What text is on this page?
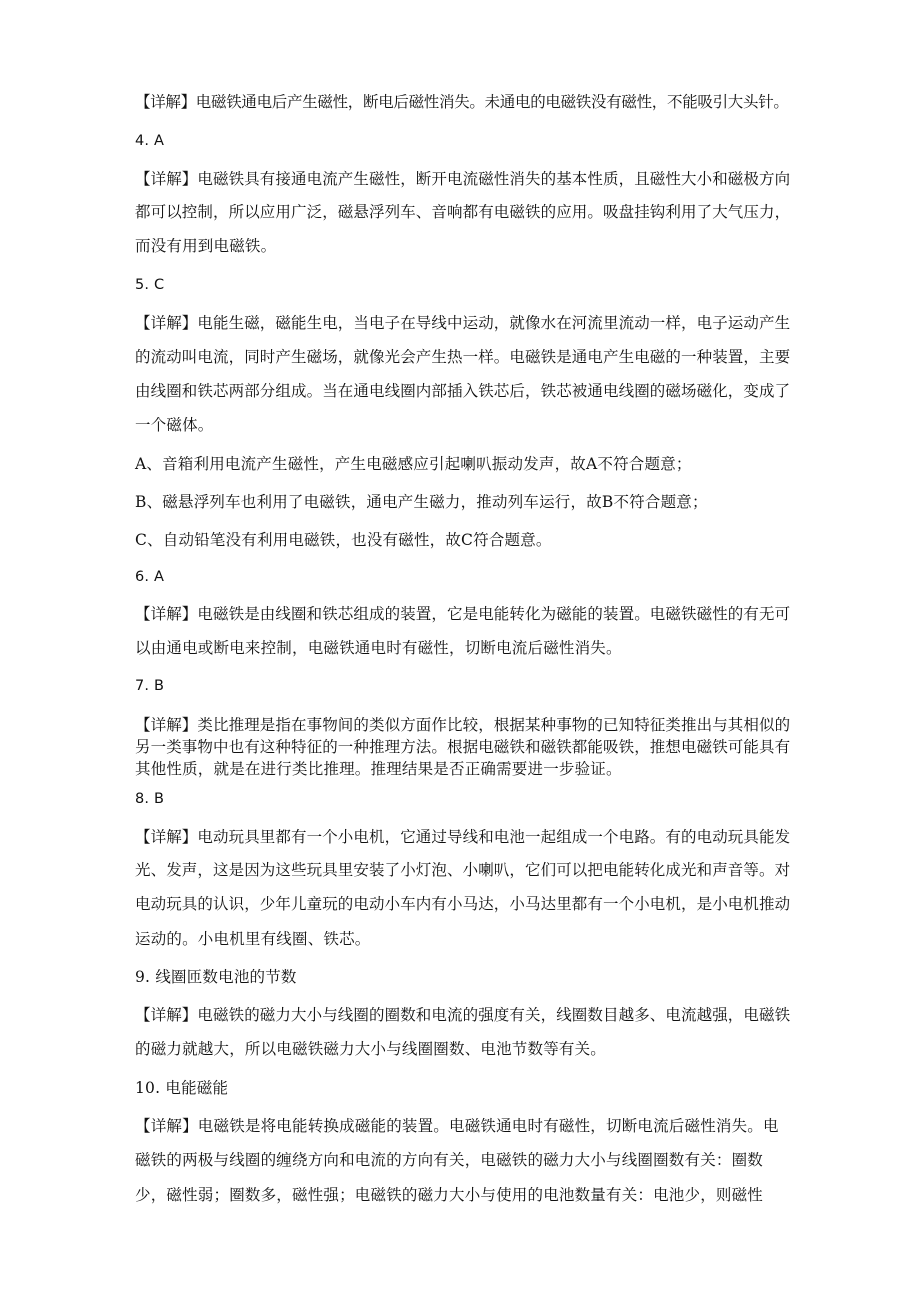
【详解】电磁铁通电后产生磁性，断电后磁性消失。未通电的电磁铁没有磁性，不能吸引大头针。
4. A
【详解】电磁铁具有接通电流产生磁性，断开电流磁性消失的基本性质，且磁性大小和磁极方向
都可以控制，所以应用广泛，磁悬浮列车、音响都有电磁铁的应用。吸盘挂钩利用了大气压力，
而没有用到电磁铁。
5. C
【详解】电能生磁，磁能生电，当电子在导线中运动，就像水在河流里流动一样，电子运动产生
的流动叫电流，同时产生磁场，就像光会产生热一样。电磁铁是通电产生电磁的一种装置，主要
由线圈和铁芯两部分组成。当在通电线圈内部插入铁芯后，铁芯被通电线圈的磁场磁化，变成了
一个磁体。
A、音箱利用电流产生磁性，产生电磁感应引起喇叭振动发声，故A不符合题意；
B、磁悬浮列车也利用了电磁铁，通电产生磁力，推动列车运行，故B不符合题意；
C、自动铅笔没有利用电磁铁，也没有磁性，故C符合题意。
6. A
【详解】电磁铁是由线圈和铁芯组成的装置，它是电能转化为磁能的装置。电磁铁磁性的有无可
以由通电或断电来控制，电磁铁通电时有磁性，切断电流后磁性消失。
7. B
【详解】类比推理是指在事物间的类似方面作比较，根据某种事物的已知特征类推出与其相似的
另一类事物中也有这种特征的一种推理方法。根据电磁铁和磁铁都能吸铁，推想电磁铁可能具有
其他性质，就是在进行类比推理。推理结果是否正确需要进一步验证。
8. B
【详解】电动玩具里都有一个小电机，它通过导线和电池一起组成一个电路。有的电动玩具能发
光、发声，这是因为这些玩具里安装了小灯泡、小喇叭，它们可以把电能转化成光和声音等。对
电动玩具的认识，少年儿童玩的电动小车内有小马达，小马达里都有一个小电机，是小电机推动
运动的。小电机里有线圈、铁芯。
9. 线圈匝数电池的节数
【详解】电磁铁的磁力大小与线圈的圈数和电流的强度有关，线圈数目越多、电流越强，电磁铁
的磁力就越大，所以电磁铁磁力大小与线圈圈数、电池节数等有关。
10. 电能磁能
【详解】电磁铁是将电能转换成磁能的装置。电磁铁通电时有磁性，切断电流后磁性消失。电
磁铁的两极与线圈的缠绕方向和电流的方向有关，电磁铁的磁力大小与线圈圈数有关：圈数
少，磁性弱；圈数多，磁性强；电磁铁的磁力大小与使用的电池数量有关：电池少，则磁性
